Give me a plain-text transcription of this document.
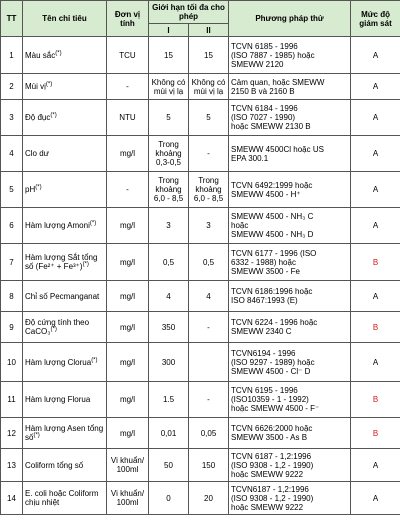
TT	Tên chỉ tiêu	Đơn vị tính	Giới hạn tối đa cho phép		Phương pháp thử	Mức độ giám sát
			I	II		
1	Màu sắc(*)	TCU	15	15	TCVN 6185 - 1996
(ISO 7887 - 1985) hoặc
SMEWW 2120	A
2	Mùi vị(*)	-	Không có mùi vị lạ	Không có mùi vị lạ	Cảm quan, hoặc SMEWW
2150 B và 2160 B	A
3	Độ đục(*)	NTU	5	5	TCVN 6184 - 1996
(ISO 7027 - 1990)
hoặc SMEWW 2130 B	A
4	Clo dư	mg/l	Trong khoảng 0,3-0,5	-	SMEWW 4500Cl hoặc US
EPA 300.1	A
5	pH(*)	-	Trong khoảng 6,0 - 8,5	Trong khoảng 6,0 - 8,5	TCVN 6492:1999 hoặc
SMEWW 4500 - H⁺	A
6	Hàm lượng Amoni(*)	mg/l	3	3	SMEWW 4500 - NH₃ C
hoặc
SMEWW 4500 - NH₃ D	A
7	Hàm lượng Sắt tổng số (Fe²⁺ + Fe³⁺)(*)	mg/l	0,5	0,5	TCVN 6177 - 1996 (ISO
6332 - 1988) hoặc
SMEWW 3500 - Fe	B
8	Chỉ số Pecmanganat	mg/l	4	4	TCVN 6186:1996 hoặc
ISO 8467:1993 (E)	A
9	Độ cứng tính theo CaCO₃(*)	mg/l	350	-	TCVN 6224 - 1996 hoặc
SMEWW 2340 C	B
10	Hàm lượng Clorua(*)	mg/l	300		TCVN6194 - 1996
(ISO 9297 - 1989) hoặc
SMEWW 4500 - Cl⁻ D	A
11	Hàm lượng Florua	mg/l	1.5	-	TCVN 6195 - 1996
(ISO10359 - 1 - 1992)
hoặc SMEWW 4500 - F⁻	B
12	Hàm lượng Asen tổng số(*)	mg/l	0,01	0,05	TCVN 6626:2000 hoặc
SMEWW 3500 - As B	B
13	Coliform tổng số	Vi khuẩn/ 100ml	50	150	TCVN 6187 - 1,2:1996
(ISO 9308 - 1,2 - 1990)
hoặc SMEWW 9222	A
14	E. coli hoặc Coliform chịu nhiệt	Vi khuẩn/ 100ml	0	20	TCVN6187 - 1,2:1996
(ISO 9308 - 1,2 - 1990)
hoặc SMEWW 9222	A
